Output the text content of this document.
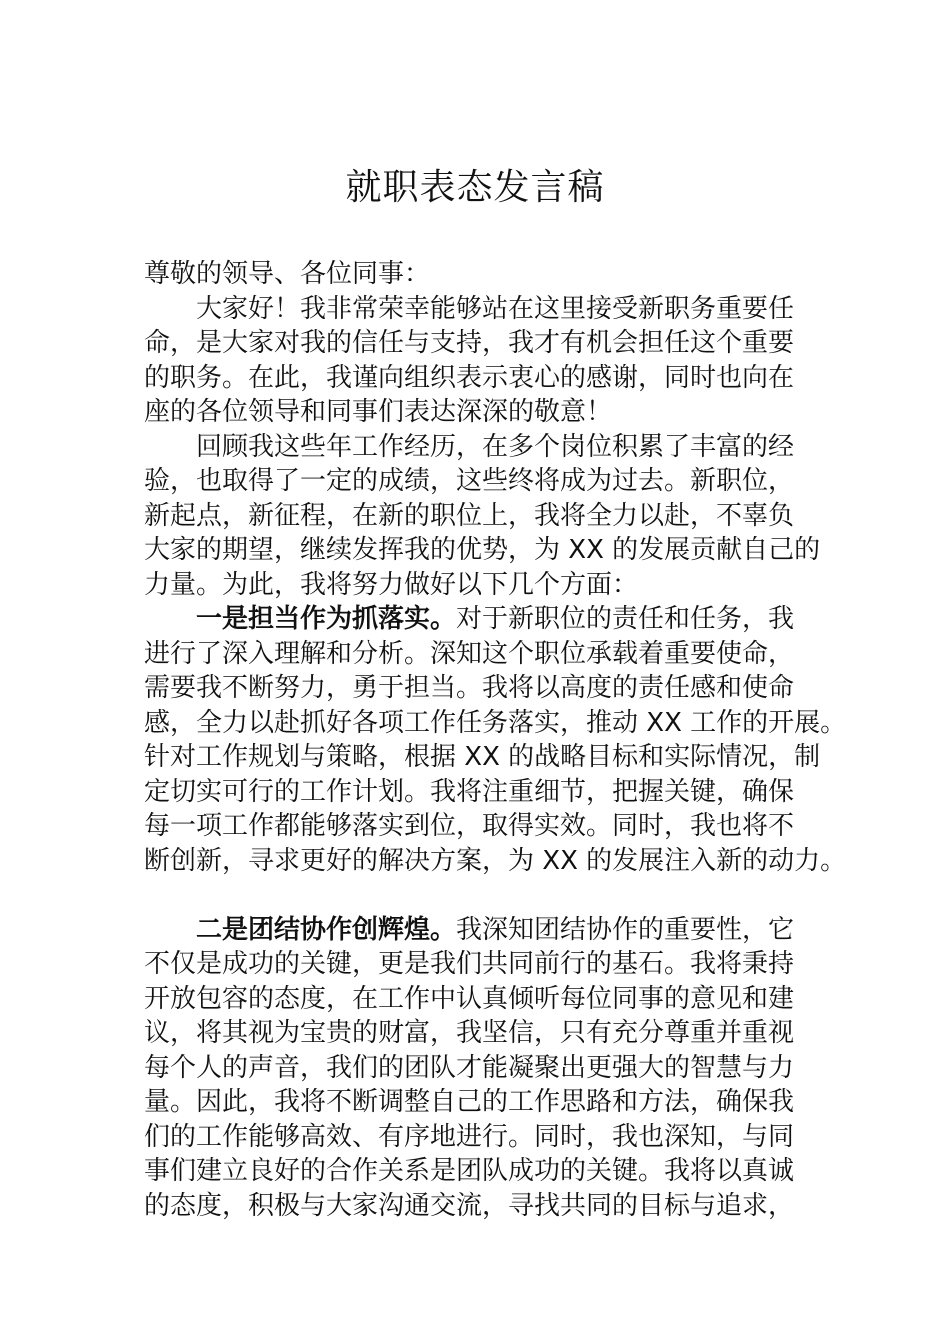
就职表态发言稿
尊敬的领导、各位同事：
大家好！我非常荣幸能够站在这里接受新职务重要任
命，是大家对我的信任与支持，我才有机会担任这个重要
的职务。在此，我谨向组织表示衷心的感谢，同时也向在
座的各位领导和同事们表达深深的敬意！
回顾我这些年工作经历，在多个岗位积累了丰富的经
验，也取得了一定的成绩，这些终将成为过去。新职位，
新起点，新征程，在新的职位上，我将全力以赴，不辜负
大家的期望，继续发挥我的优势，为 XX 的发展贡献自己的
力量。为此，我将努力做好以下几个方面：
一是担当作为抓落实。对于新职位的责任和任务，我
进行了深入理解和分析。深知这个职位承载着重要使命，
需要我不断努力，勇于担当。我将以高度的责任感和使命
感，全力以赴抓好各项工作任务落实，推动 XX 工作的开展。
针对工作规划与策略，根据 XX 的战略目标和实际情况，制
定切实可行的工作计划。我将注重细节，把握关键，确保
每一项工作都能够落实到位，取得实效。同时，我也将不
断创新，寻求更好的解决方案，为 XX 的发展注入新的动力。
二是团结协作创辉煌。我深知团结协作的重要性，它
不仅是成功的关键，更是我们共同前行的基石。我将秉持
开放包容的态度，在工作中认真倾听每位同事的意见和建
议，将其视为宝贵的财富，我坚信，只有充分尊重并重视
每个人的声音，我们的团队才能凝聚出更强大的智慧与力
量。因此，我将不断调整自己的工作思路和方法，确保我
们的工作能够高效、有序地进行。同时，我也深知，与同
事们建立良好的合作关系是团队成功的关键。我将以真诚
的态度，积极与大家沟通交流，寻找共同的目标与追求，
